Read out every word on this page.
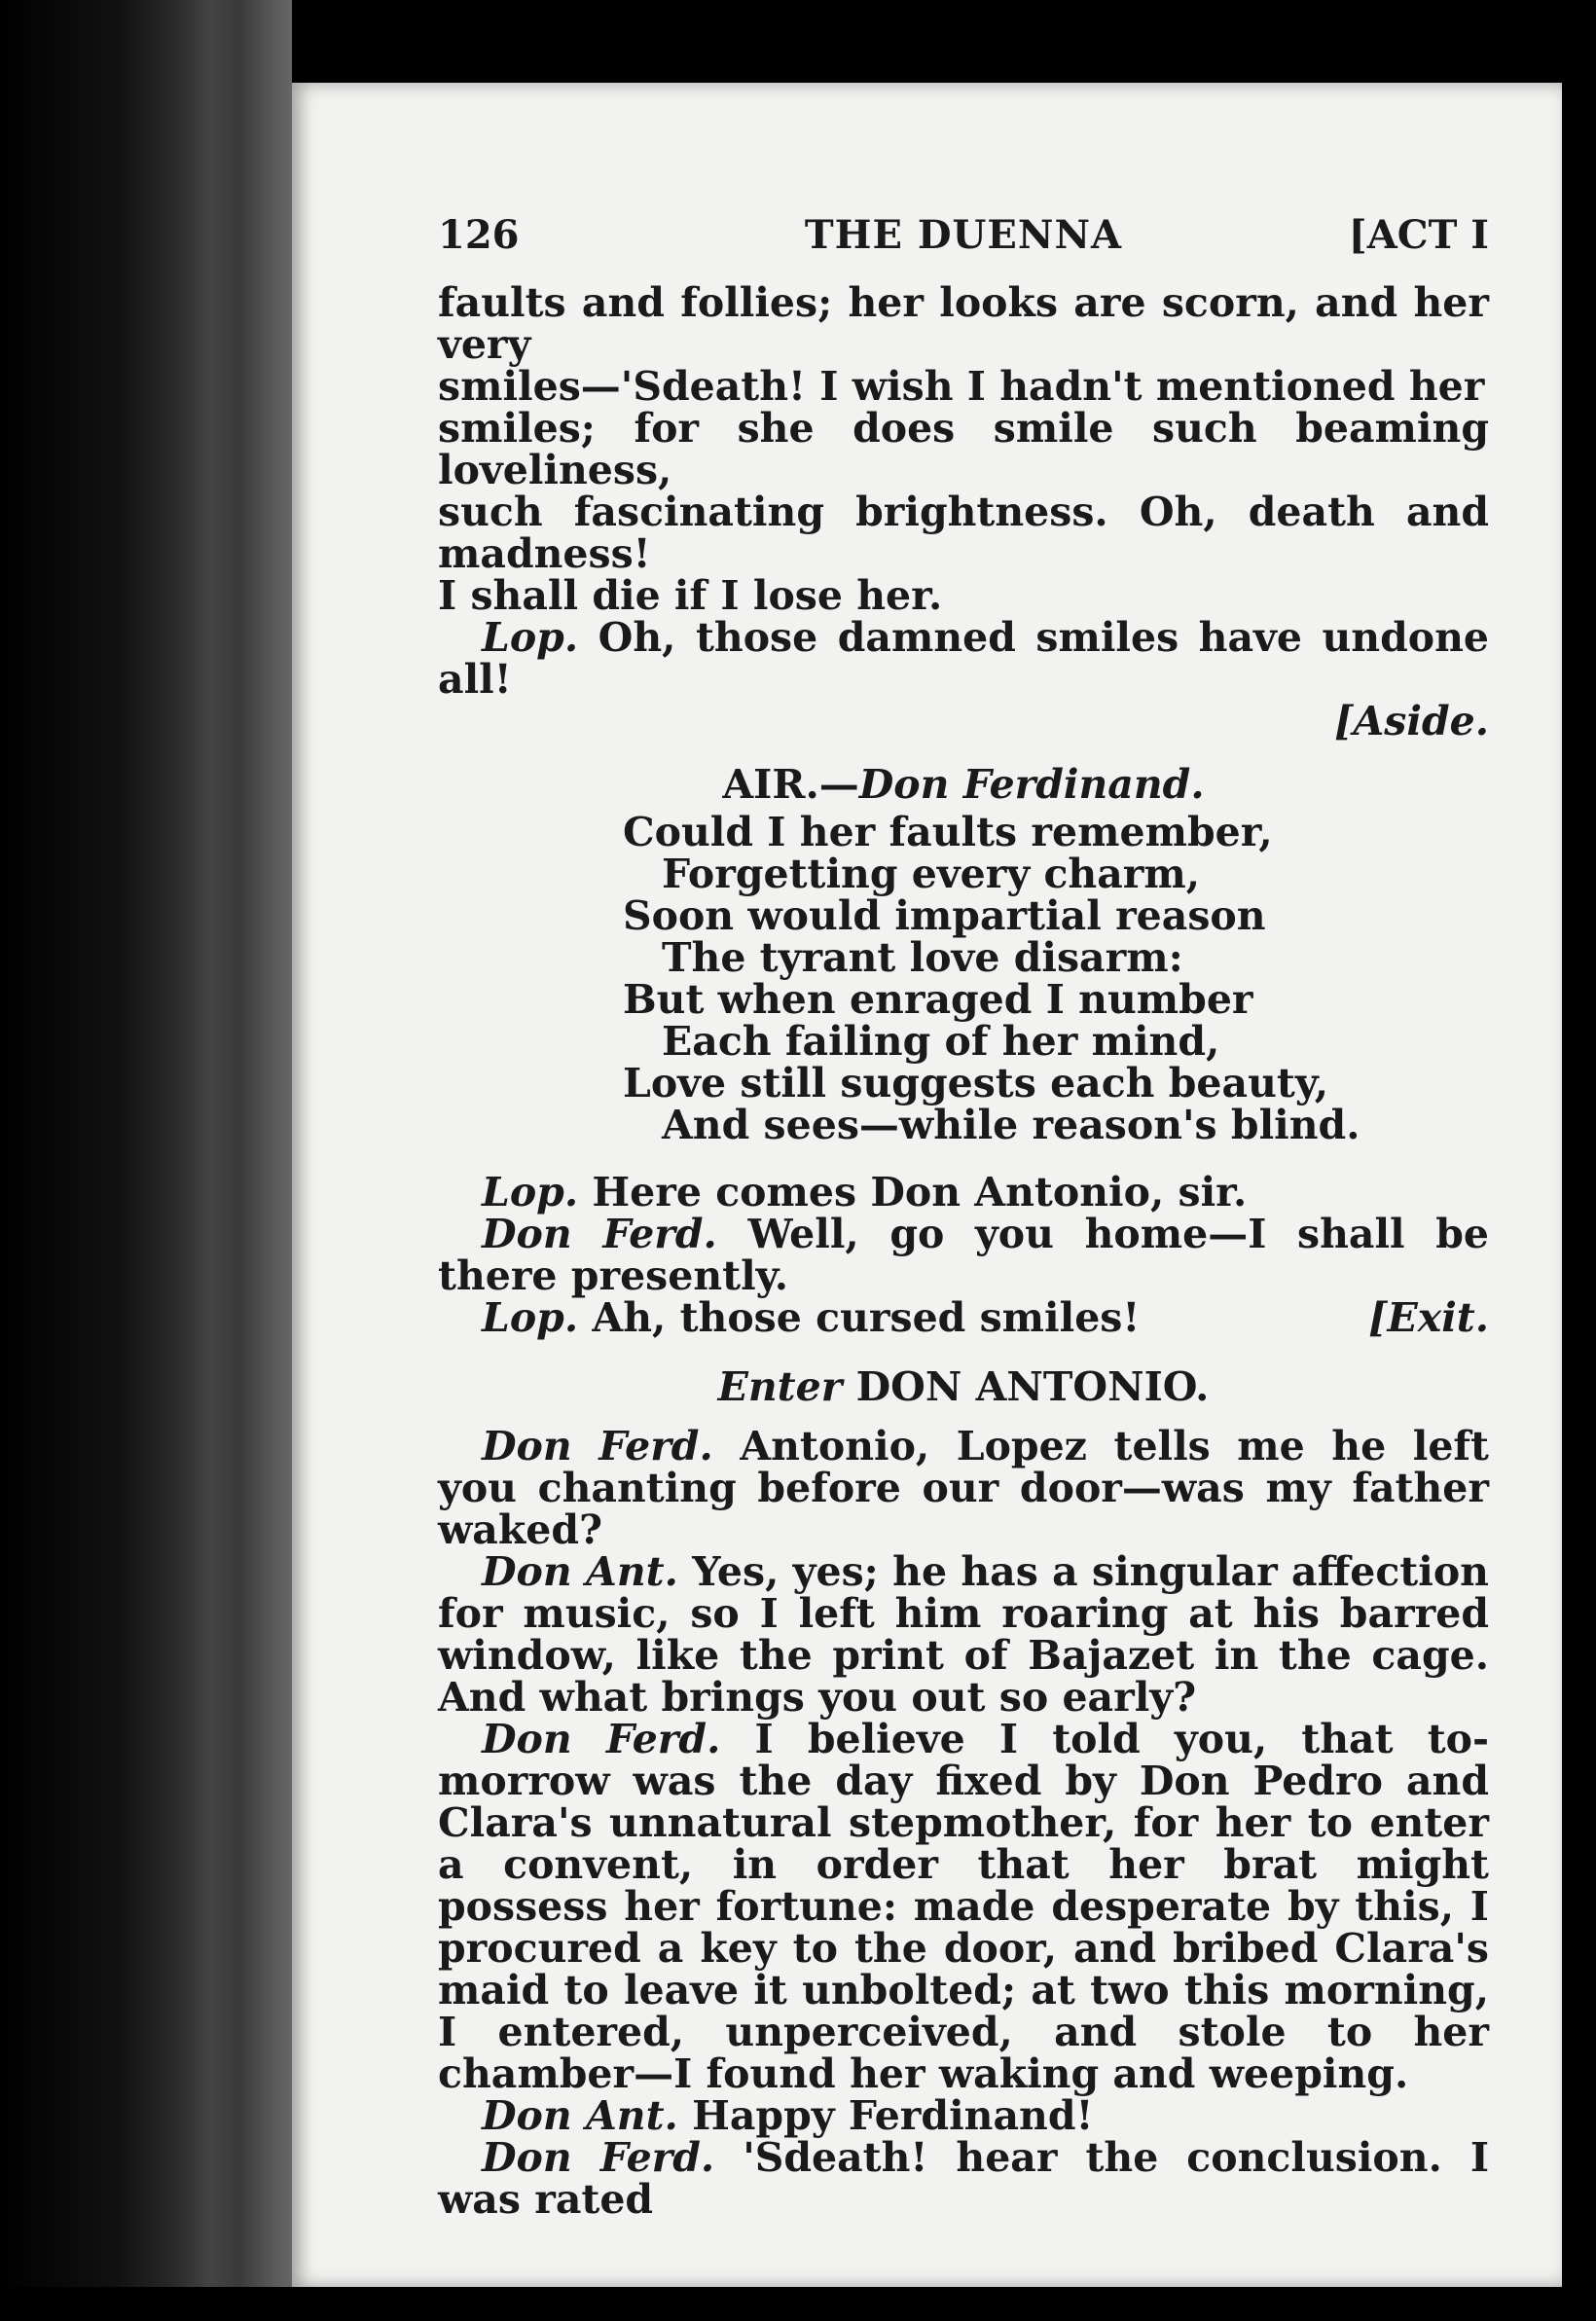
THE DUENNA
126	[ACT I

faults and follies; her looks are scorn, and her very

smiles—'Sdeath! I wish I hadn't mentioned her

smiles; for she does smile such beaming loveliness,

such fascinating brightness. Oh, death and madness!

I shall die if I lose her.

Lop. Oh, those damned smiles have undone all!

[Aside.

AIR.—Don Ferdinand.
Could I her faults remember,
Forgetting every charm,
Soon would impartial reason
The tyrant love disarm:
But when enraged I number
Each failing of her mind,
Love still suggests each beauty,
And sees—while reason's blind.

Lop. Here comes Don Antonio, sir.

Don Ferd. Well, go you home—I shall be there presently.

Lop. Ah, those cursed smiles!	[Exit.

Enter DON ANTONIO.

Don Ferd. Antonio, Lopez tells me he left you chanting before our door—was my father waked?

Don Ant. Yes, yes; he has a singular affection for music, so I left him roaring at his barred window, like the print of Bajazet in the cage. And what brings you out so early?

Don Ferd. I believe I told you, that to-morrow was the day fixed by Don Pedro and Clara's unnatural stepmother, for her to enter a convent, in order that her brat might possess her fortune: made desperate by this, I procured a key to the door, and bribed Clara's maid to leave it unbolted; at two this morning, I entered, unperceived, and stole to her chamber—I found her waking and weeping.

Don Ant. Happy Ferdinand!

Don Ferd. 'Sdeath! hear the conclusion. I was rated
